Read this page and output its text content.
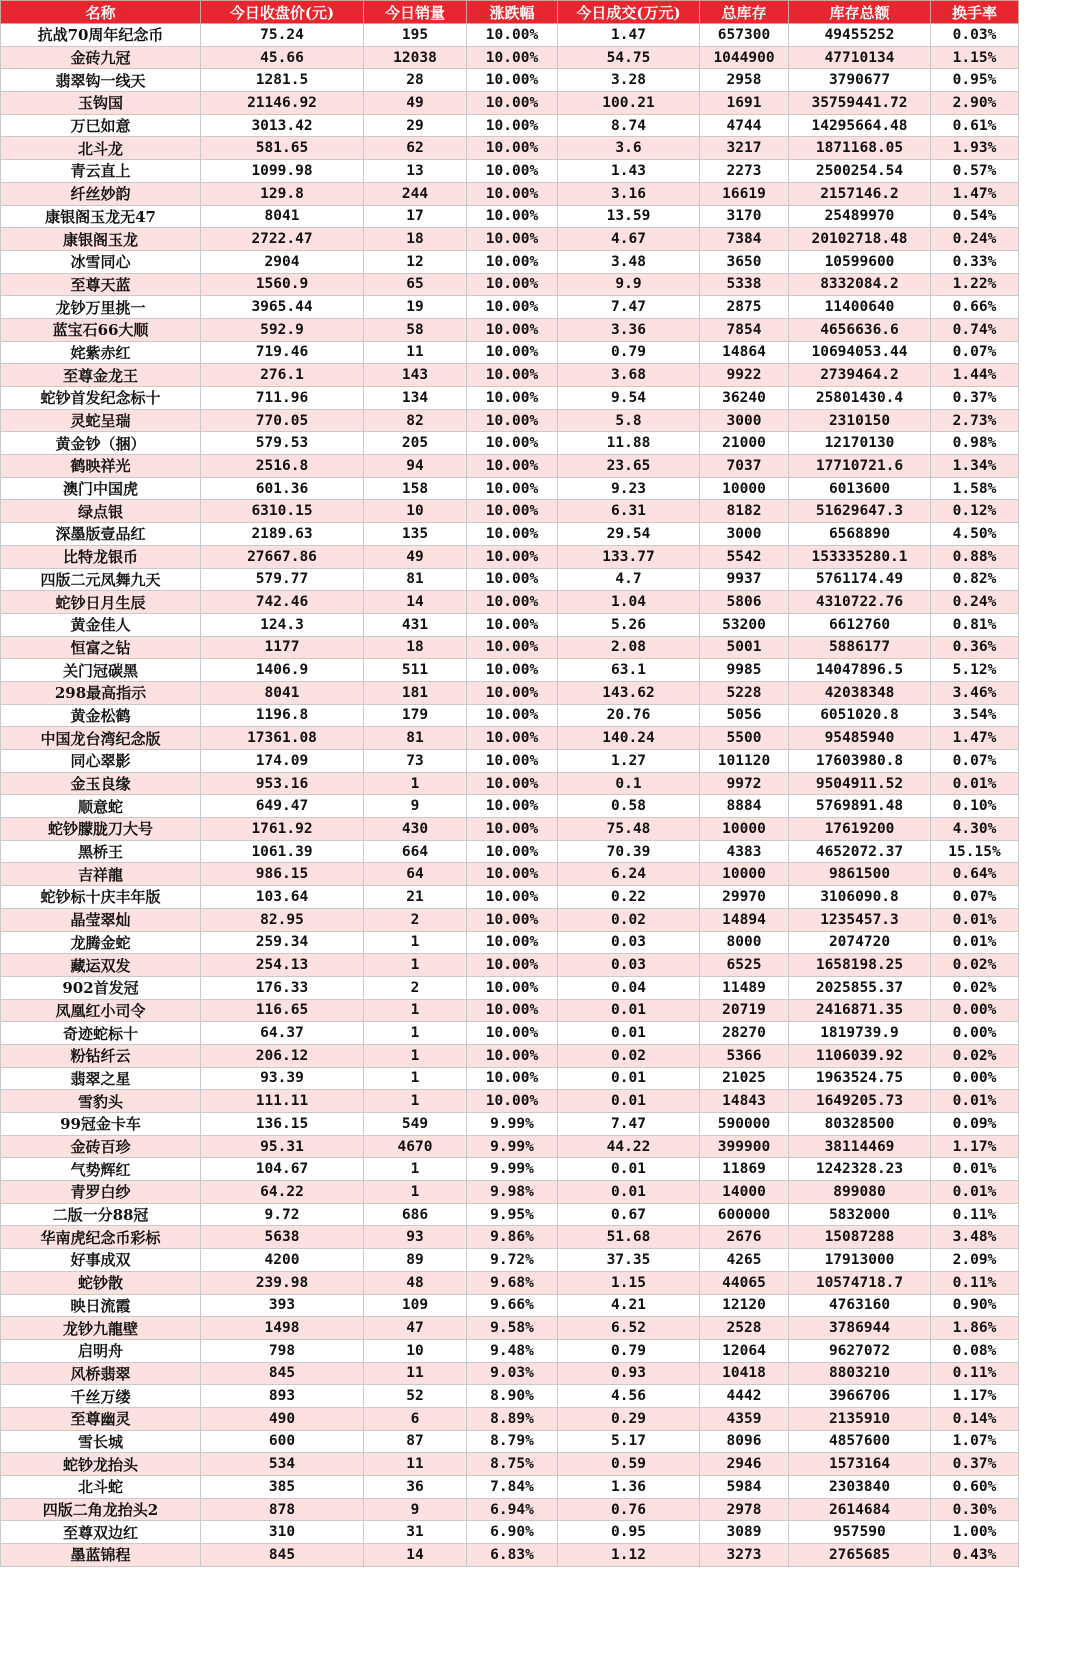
名称	今日收盘价(元)	今日销量	涨跌幅	今日成交(万元)	总库存	库存总额	换手率
抗战70周年纪念币	75.24	195	10.00%	1.47	657300	49455252	0.03%
金砖九冠	45.66	12038	10.00%	54.75	1044900	47710134	1.15%
翡翠钩一线天	1281.5	28	10.00%	3.28	2958	3790677	0.95%
玉钩国	21146.92	49	10.00%	100.21	1691	35759441.72	2.90%
万巳如意	3013.42	29	10.00%	8.74	4744	14295664.48	0.61%
北斗龙	581.65	62	10.00%	3.6	3217	1871168.05	1.93%
青云直上	1099.98	13	10.00%	1.43	2273	2500254.54	0.57%
纤丝妙韵	129.8	244	10.00%	3.16	16619	2157146.2	1.47%
康银阁玉龙无47	8041	17	10.00%	13.59	3170	25489970	0.54%
康银阁玉龙	2722.47	18	10.00%	4.67	7384	20102718.48	0.24%
冰雪同心	2904	12	10.00%	3.48	3650	10599600	0.33%
至尊天蓝	1560.9	65	10.00%	9.9	5338	8332084.2	1.22%
龙钞万里挑一	3965.44	19	10.00%	7.47	2875	11400640	0.66%
蓝宝石66大顺	592.9	58	10.00%	3.36	7854	4656636.6	0.74%
姹紫赤红	719.46	11	10.00%	0.79	14864	10694053.44	0.07%
至尊金龙王	276.1	143	10.00%	3.68	9922	2739464.2	1.44%
蛇钞首发纪念标十	711.96	134	10.00%	9.54	36240	25801430.4	0.37%
灵蛇呈瑞	770.05	82	10.00%	5.8	3000	2310150	2.73%
黄金钞（捆）	579.53	205	10.00%	11.88	21000	12170130	0.98%
鹤映祥光	2516.8	94	10.00%	23.65	7037	17710721.6	1.34%
澳门中国虎	601.36	158	10.00%	9.23	10000	6013600	1.58%
绿点银	6310.15	10	10.00%	6.31	8182	51629647.3	0.12%
深墨版壹品红	2189.63	135	10.00%	29.54	3000	6568890	4.50%
比特龙银币	27667.86	49	10.00%	133.77	5542	153335280.1	0.88%
四版二元凤舞九天	579.77	81	10.00%	4.7	9937	5761174.49	0.82%
蛇钞日月生辰	742.46	14	10.00%	1.04	5806	4310722.76	0.24%
黄金佳人	124.3	431	10.00%	5.26	53200	6612760	0.81%
恒富之钻	1177	18	10.00%	2.08	5001	5886177	0.36%
关门冠碳黑	1406.9	511	10.00%	63.1	9985	14047896.5	5.12%
298最高指示	8041	181	10.00%	143.62	5228	42038348	3.46%
黄金松鹤	1196.8	179	10.00%	20.76	5056	6051020.8	3.54%
中国龙台湾纪念版	17361.08	81	10.00%	140.24	5500	95485940	1.47%
同心翠影	174.09	73	10.00%	1.27	101120	17603980.8	0.07%
金玉良缘	953.16	1	10.00%	0.1	9972	9504911.52	0.01%
顺意蛇	649.47	9	10.00%	0.58	8884	5769891.48	0.10%
蛇钞朦胧刀大号	1761.92	430	10.00%	75.48	10000	17619200	4.30%
黑桥王	1061.39	664	10.00%	70.39	4383	4652072.37	15.15%
吉祥龍	986.15	64	10.00%	6.24	10000	9861500	0.64%
蛇钞标十庆丰年版	103.64	21	10.00%	0.22	29970	3106090.8	0.07%
晶莹翠灿	82.95	2	10.00%	0.02	14894	1235457.3	0.01%
龙腾金蛇	259.34	1	10.00%	0.03	8000	2074720	0.01%
藏运双发	254.13	1	10.00%	0.03	6525	1658198.25	0.02%
902首发冠	176.33	2	10.00%	0.04	11489	2025855.37	0.02%
凤凰红小司令	116.65	1	10.00%	0.01	20719	2416871.35	0.00%
奇迹蛇标十	64.37	1	10.00%	0.01	28270	1819739.9	0.00%
粉钻纤云	206.12	1	10.00%	0.02	5366	1106039.92	0.02%
翡翠之星	93.39	1	10.00%	0.01	21025	1963524.75	0.00%
雪豹头	111.11	1	10.00%	0.01	14843	1649205.73	0.01%
99冠金卡车	136.15	549	9.99%	7.47	590000	80328500	0.09%
金砖百珍	95.31	4670	9.99%	44.22	399900	38114469	1.17%
气势辉红	104.67	1	9.99%	0.01	11869	1242328.23	0.01%
青罗白纱	64.22	1	9.98%	0.01	14000	899080	0.01%
二版一分88冠	9.72	686	9.95%	0.67	600000	5832000	0.11%
华南虎纪念币彩标	5638	93	9.86%	51.68	2676	15087288	3.48%
好事成双	4200	89	9.72%	37.35	4265	17913000	2.09%
蛇钞散	239.98	48	9.68%	1.15	44065	10574718.7	0.11%
映日流霞	393	109	9.66%	4.21	12120	4763160	0.90%
龙钞九龍壁	1498	47	9.58%	6.52	2528	3786944	1.86%
启明舟	798	10	9.48%	0.79	12064	9627072	0.08%
风桥翡翠	845	11	9.03%	0.93	10418	8803210	0.11%
千丝万缕	893	52	8.90%	4.56	4442	3966706	1.17%
至尊幽灵	490	6	8.89%	0.29	4359	2135910	0.14%
雪长城	600	87	8.79%	5.17	8096	4857600	1.07%
蛇钞龙抬头	534	11	8.75%	0.59	2946	1573164	0.37%
北斗蛇	385	36	7.84%	1.36	5984	2303840	0.60%
四版二角龙抬头2	878	9	6.94%	0.76	2978	2614684	0.30%
至尊双边红	310	31	6.90%	0.95	3089	957590	1.00%
墨蓝锦程	845	14	6.83%	1.12	3273	2765685	0.43%
